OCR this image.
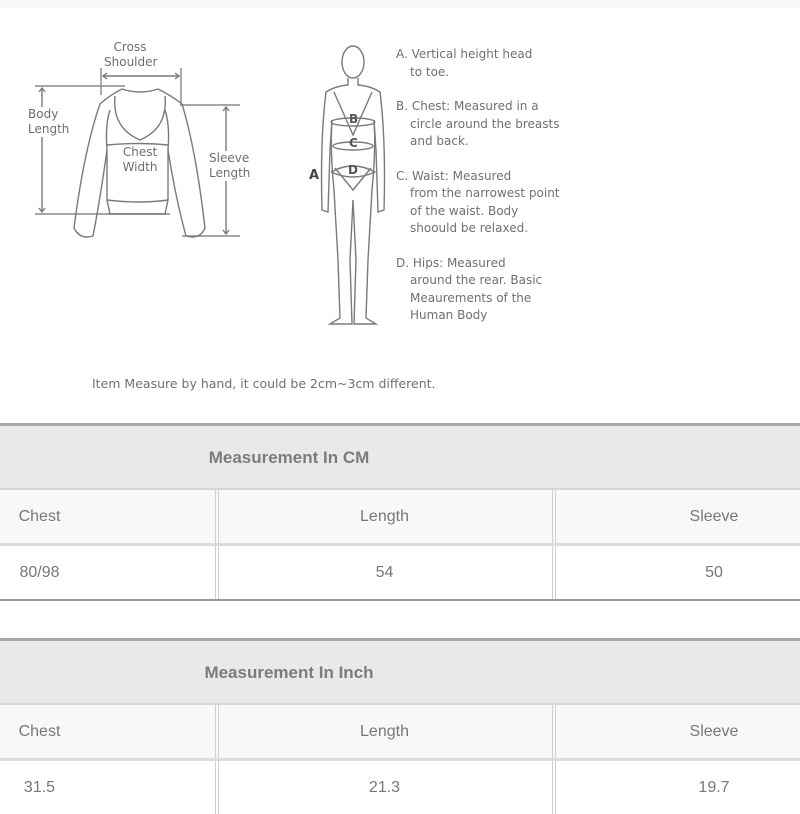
Cross
Shoulder
Body
Length
Chest
Width
Sleeve
Length	A
B
C
D
A. Vertical height head
to toe.
B. Chest: Measured in a
circle around the breasts and back.
C. Waist: Measured
from the narrowest point of the waist. Body shoould be relaxed.
D. Hips: Measured
around the rear. Basic Meaurements of the Human Body
Item Measure by hand, it could be 2cm~3cm different.
Measurement In CM
Chest	Length	Sleeve
80/98	54	50
Measurement In Inch
Chest	Length	Sleeve
31.5	21.3	19.7
